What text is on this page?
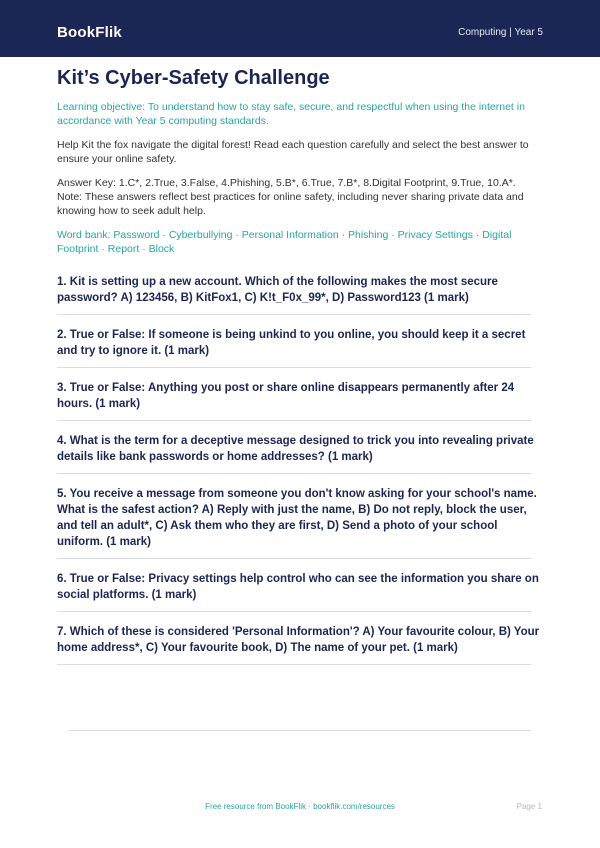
BookFlik	Computing | Year 5
Kit’s Cyber-Safety Challenge
Learning objective: To understand how to stay safe, secure, and respectful when using the internet in accordance with Year 5 computing standards.
Help Kit the fox navigate the digital forest! Read each question carefully and select the best answer to ensure your online safety.
Answer Key: 1.C*, 2.True, 3.False, 4.Phishing, 5.B*, 6.True, 7.B*, 8.Digital Footprint, 9.True, 10.A*. Note: These answers reflect best practices for online safety, including never sharing private data and knowing how to seek adult help.
Word bank: Password · Cyberbullying · Personal Information · Phishing · Privacy Settings · Digital Footprint · Report · Block
1. Kit is setting up a new account. Which of the following makes the most secure password? A) 123456, B) KitFox1, C) K!t_F0x_99*, D) Password123 (1 mark)
2. True or False: If someone is being unkind to you online, you should keep it a secret and try to ignore it. (1 mark)
3. True or False: Anything you post or share online disappears permanently after 24 hours. (1 mark)
4. What is the term for a deceptive message designed to trick you into revealing private details like bank passwords or home addresses? (1 mark)
5. You receive a message from someone you don't know asking for your school's name. What is the safest action? A) Reply with just the name, B) Do not reply, block the user, and tell an adult*, C) Ask them who they are first, D) Send a photo of your school uniform. (1 mark)
6. True or False: Privacy settings help control who can see the information you share on social platforms. (1 mark)
7. Which of these is considered 'Personal Information'? A) Your favourite colour, B) Your home address*, C) Your favourite book, D) The name of your pet. (1 mark)
Free resource from BookFlik · bookflik.com/resources	Page 1
